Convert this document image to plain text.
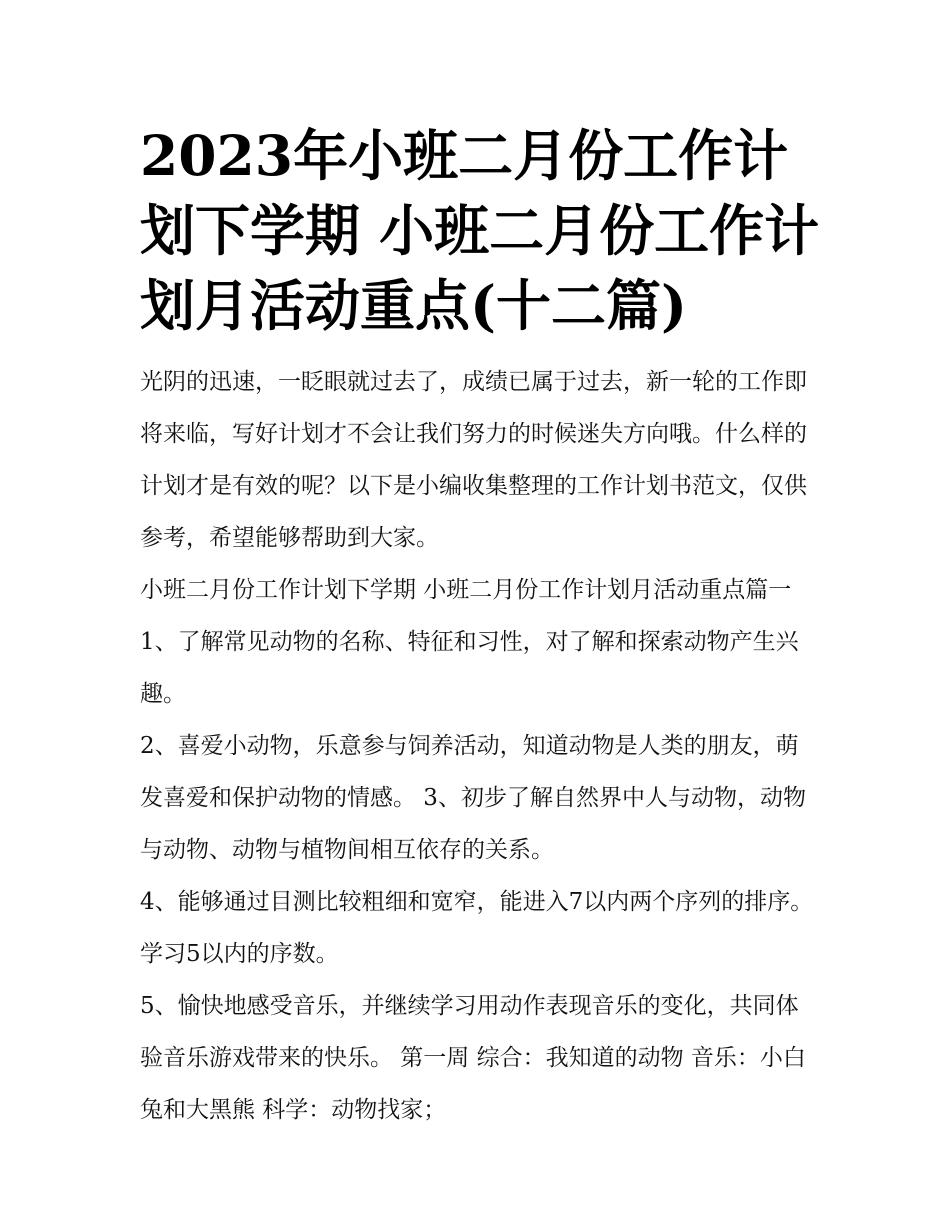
2023年小班二月份工作计划下学期 小班二月份工作计划月活动重点(十二篇)

光阴的迅速，一眨眼就过去了，成绩已属于过去，新一轮的工作即将来临，写好计划才不会让我们努力的时候迷失方向哦。什么样的计划才是有效的呢？以下是小编收集整理的工作计划书范文，仅供参考，希望能够帮助到大家。

小班二月份工作计划下学期 小班二月份工作计划月活动重点篇一 1、了解常见动物的名称、特征和习性，对了解和探索动物产生兴趣。

2、喜爱小动物，乐意参与饲养活动，知道动物是人类的朋友，萌发喜爱和保护动物的情感。 3、初步了解自然界中人与动物，动物与动物、动物与植物间相互依存的关系。

4、能够通过目测比较粗细和宽窄，能进入7以内两个序列的排序。学习5以内的序数。

5、愉快地感受音乐，并继续学习用动作表现音乐的变化，共同体验音乐游戏带来的快乐。 第一周 综合：我知道的动物 音乐：小白兔和大黑熊 科学：动物找家；
